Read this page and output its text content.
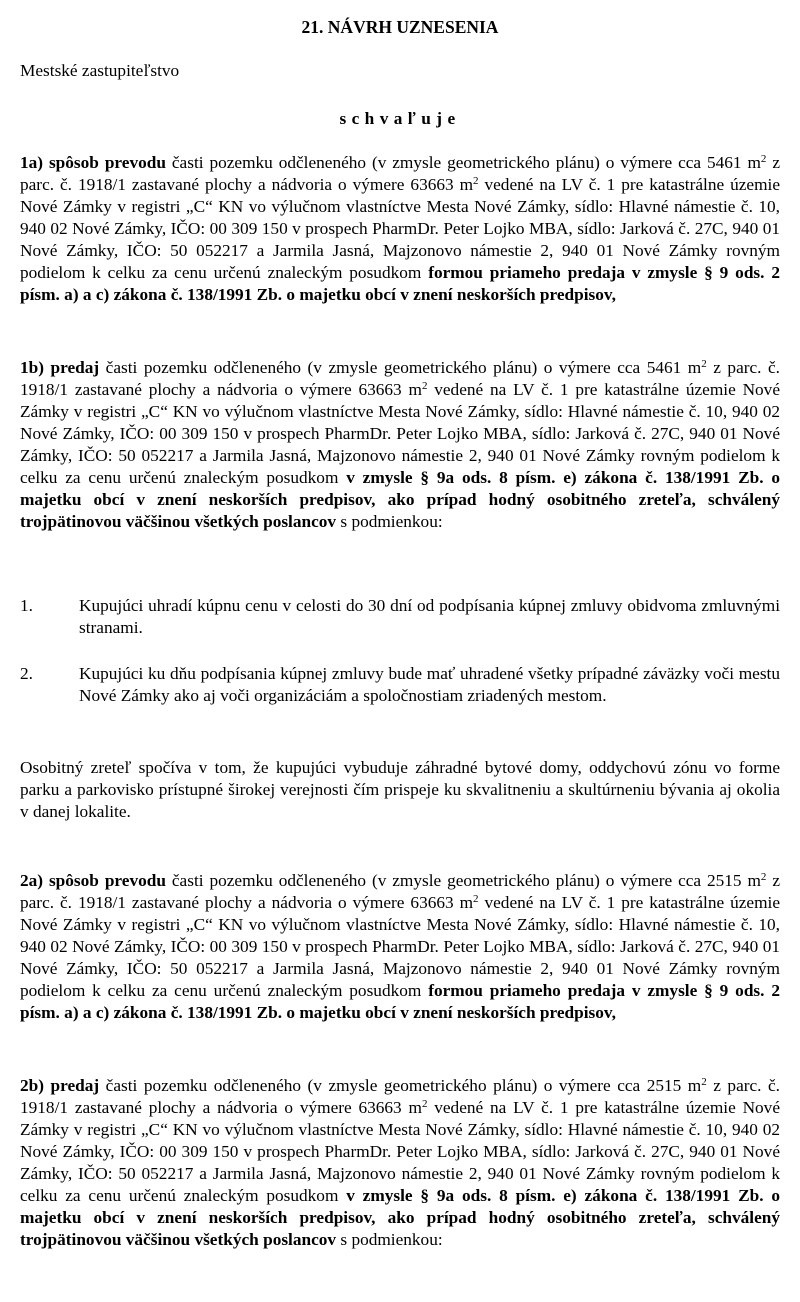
21. NÁVRH UZNESENIA

Mestské zastupiteľstvo

schvaľuje

1a) spôsob prevodu časti pozemku odčleneného (v zmysle geometrického plánu) o výmere cca 5461 $m^2$ z parc. č. 1918/1 zastavané plochy a nádvoria o výmere 63663 $m^2$ vedené na LV č. 1 pre katastrálne územie Nové Zámky v registri „C“ KN vo výlučnom vlastníctve Mesta Nové Zámky, sídlo: Hlavné námestie č. 10, 940 02 Nové Zámky, IČO: 00 309 150 v prospech PharmDr. Peter Lojko MBA, sídlo: Jarková č. 27C, 940 01 Nové Zámky, IČO: 50 052217 a Jarmila Jasná, Majzonovo námestie 2, 940 01 Nové Zámky rovným podielom k celku za cenu určenú znaleckým posudkom formou priameho predaja v zmysle § 9 ods. 2 písm. a) a c) zákona č. 138/1991 Zb. o majetku obcí v znení neskorších predpisov,

1b) predaj časti pozemku odčleneného (v zmysle geometrického plánu) o výmere cca 5461 $m^2$ z parc. č. 1918/1 zastavané plochy a nádvoria o výmere 63663 $m^2$ vedené na LV č. 1 pre katastrálne územie Nové Zámky v registri „C“ KN vo výlučnom vlastníctve Mesta Nové Zámky, sídlo: Hlavné námestie č. 10, 940 02 Nové Zámky, IČO: 00 309 150 v prospech PharmDr. Peter Lojko MBA, sídlo: Jarková č. 27C, 940 01 Nové Zámky, IČO: 50 052217 a Jarmila Jasná, Majzonovo námestie 2, 940 01 Nové Zámky rovným podielom k celku za cenu určenú znaleckým posudkom v zmysle § 9a ods. 8 písm. e) zákona č. 138/1991 Zb. o majetku obcí v znení neskorších predpisov, ako prípad hodný osobitného zreteľa, schválený trojpätinovou väčšinou všetkých poslancov s podmienkou:

1.	Kupujúci uhradí kúpnu cenu v celosti do 30 dní od podpísania kúpnej zmluvy obidvoma zmluvnými stranami.
2.	Kupujúci ku dňu podpísania kúpnej zmluvy bude mať uhradené všetky prípadné záväzky voči mestu Nové Zámky ako aj voči organizáciám a spoločnostiam zriadených mestom.

Osobitný zreteľ spočíva v tom, že kupujúci vybuduje záhradné bytové domy, oddychovú zónu vo forme parku a parkovisko prístupné širokej verejnosti čím prispeje ku skvalitneniu a skultúrneniu bývania aj okolia v danej lokalite.

2a) spôsob prevodu časti pozemku odčleneného (v zmysle geometrického plánu) o výmere cca 2515 $m^2$ z parc. č. 1918/1 zastavané plochy a nádvoria o výmere 63663 $m^2$ vedené na LV č. 1 pre katastrálne územie Nové Zámky v registri „C“ KN vo výlučnom vlastníctve Mesta Nové Zámky, sídlo: Hlavné námestie č. 10, 940 02 Nové Zámky, IČO: 00 309 150 v prospech PharmDr. Peter Lojko MBA, sídlo: Jarková č. 27C, 940 01 Nové Zámky, IČO: 50 052217 a Jarmila Jasná, Majzonovo námestie 2, 940 01 Nové Zámky rovným podielom k celku za cenu určenú znaleckým posudkom formou priameho predaja v zmysle § 9 ods. 2 písm. a) a c) zákona č. 138/1991 Zb. o majetku obcí v znení neskorších predpisov,

2b) predaj časti pozemku odčleneného (v zmysle geometrického plánu) o výmere cca 2515 $m^2$ z parc. č. 1918/1 zastavané plochy a nádvoria o výmere 63663 $m^2$ vedené na LV č. 1 pre katastrálne územie Nové Zámky v registri „C“ KN vo výlučnom vlastníctve Mesta Nové Zámky, sídlo: Hlavné námestie č. 10, 940 02 Nové Zámky, IČO: 00 309 150 v prospech PharmDr. Peter Lojko MBA, sídlo: Jarková č. 27C, 940 01 Nové Zámky, IČO: 50 052217 a Jarmila Jasná, Majzonovo námestie 2, 940 01 Nové Zámky rovným podielom k celku za cenu určenú znaleckým posudkom v zmysle § 9a ods. 8 písm. e) zákona č. 138/1991 Zb. o majetku obcí v znení neskorších predpisov, ako prípad hodný osobitného zreteľa, schválený trojpätinovou väčšinou všetkých poslancov s podmienkou:
